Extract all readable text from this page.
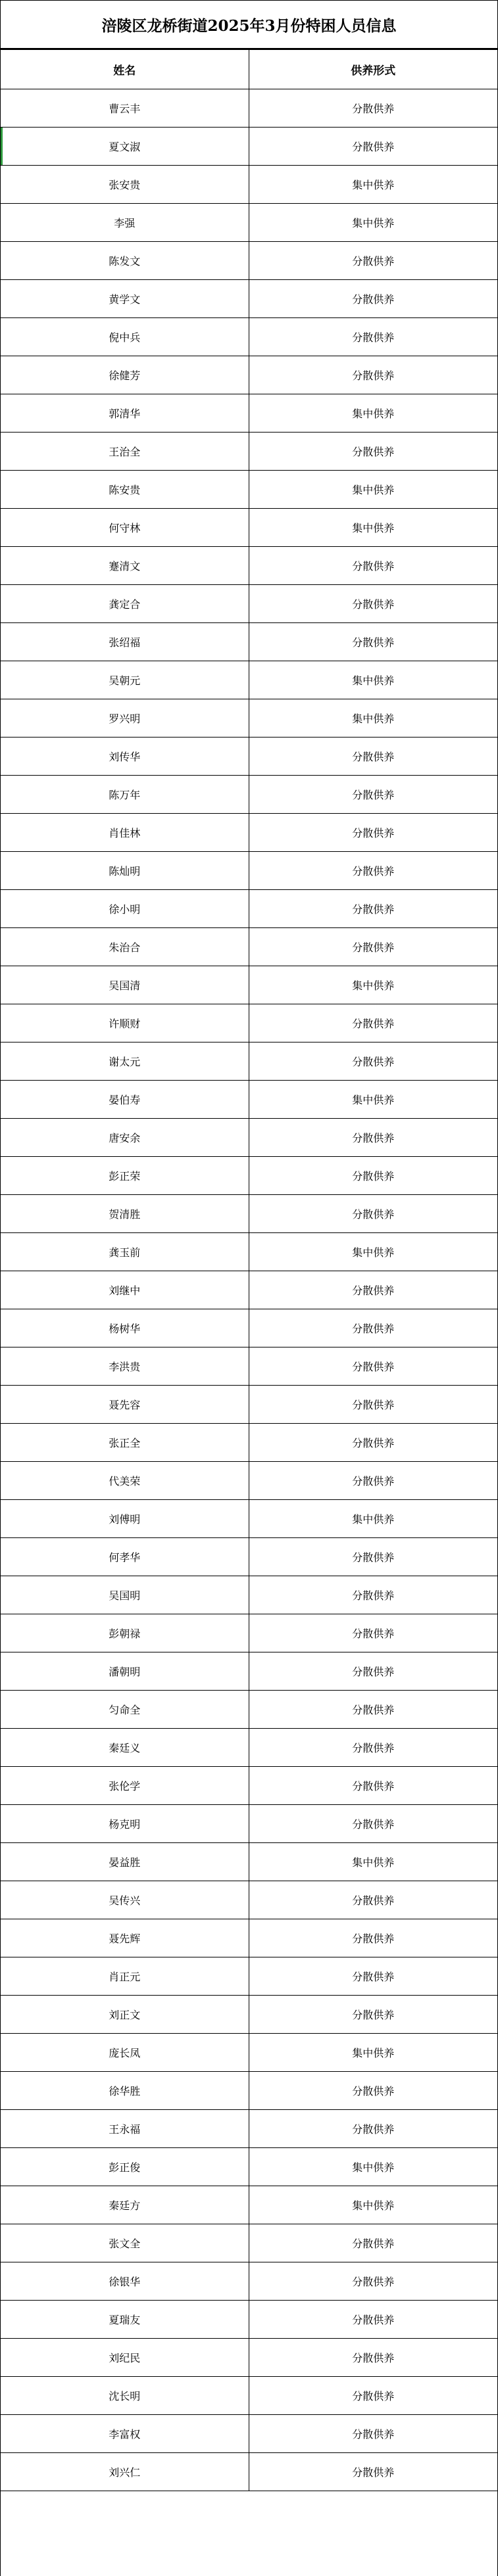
涪陵区龙桥街道2025年3月份特困人员信息
姓名	供养形式
曹云丰	分散供养
夏文淑	分散供养
张安贵	集中供养
李强	集中供养
陈发文	分散供养
黄学文	分散供养
倪中兵	分散供养
徐健芳	分散供养
郭清华	集中供养
王治全	分散供养
陈安贵	集中供养
何守林	集中供养
蹇清文	分散供养
龚定合	分散供养
张绍福	分散供养
吴朝元	集中供养
罗兴明	集中供养
刘传华	分散供养
陈万年	分散供养
肖佳林	分散供养
陈灿明	分散供养
徐小明	分散供养
朱治合	分散供养
吴国清	集中供养
许顺财	分散供养
谢太元	分散供养
晏伯寿	集中供养
唐安余	分散供养
彭正荣	分散供养
贺清胜	分散供养
龚玉前	集中供养
刘继中	分散供养
杨树华	分散供养
李洪贵	分散供养
聂先容	分散供养
张正全	分散供养
代美荣	分散供养
刘傅明	集中供养
何孝华	分散供养
吴国明	分散供养
彭朝禄	分散供养
潘朝明	分散供养
匀命全	分散供养
秦廷义	分散供养
张伦学	分散供养
杨克明	分散供养
晏益胜	集中供养
吴传兴	分散供养
聂先辉	分散供养
肖正元	分散供养
刘正文	分散供养
庞长凤	集中供养
徐华胜	分散供养
王永福	分散供养
彭正俊	集中供养
秦廷方	集中供养
张文全	分散供养
徐银华	分散供养
夏瑞友	分散供养
刘纪民	分散供养
沈长明	分散供养
李富权	分散供养
刘兴仁	分散供养
